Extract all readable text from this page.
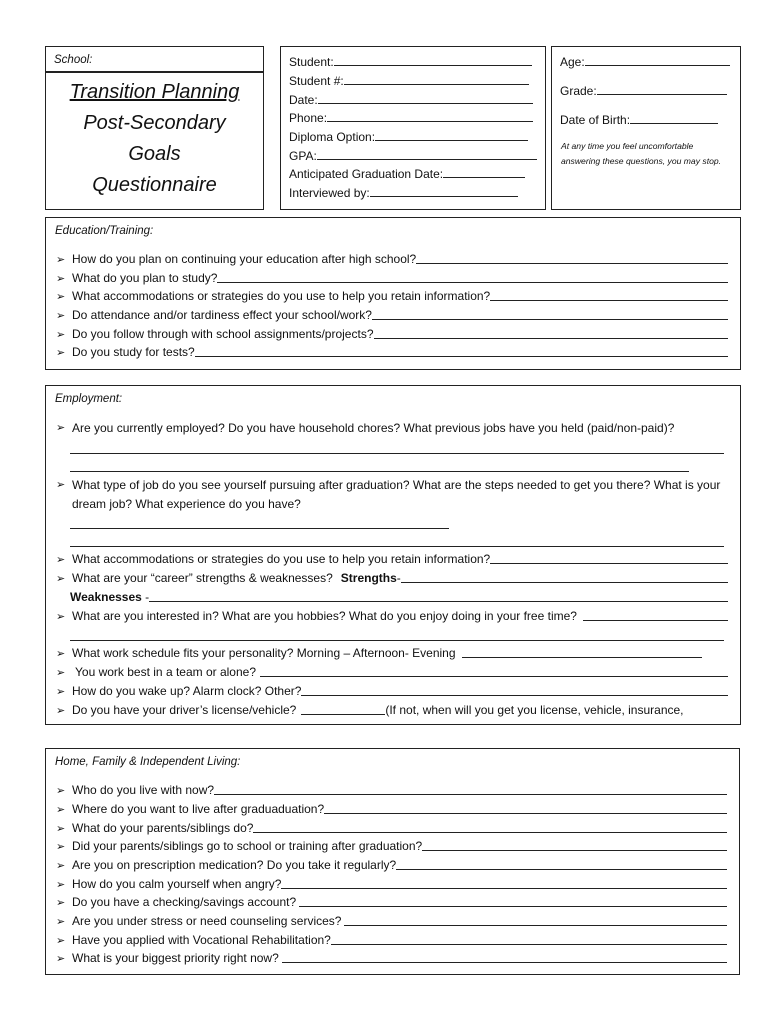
School:
Transition Planning
Post-Secondary
Goals
Questionnaire
Student:
Student #:
Date:
Phone:
Diploma Option:
GPA:
Anticipated Graduation Date:
Interviewed by:
Age:
Grade:
Date of Birth:
At any time you feel uncomfortable answering these questions, you may stop.
Education/Training:
➢ How do you plan on continuing your education after high school?
➢ What do you plan to study?
➢ What accommodations or strategies do you use to help you retain information?
➢ Do attendance and/or tardiness effect your school/work?
➢ Do you follow through with school assignments/projects?
➢ Do you study for tests?
Employment:
➢ Are you currently employed? Do you have household chores? What previous jobs have you held (paid/non-paid)?
➢ What type of job do you see yourself pursuing after graduation? What are the steps needed to get you there? What is your dream job? What experience do you have?
➢ What accommodations or strategies do you use to help you retain information?
➢ What are your “career” strengths & weaknesses? Strengths-
Weaknesses -
➢ What are you interested in? What are you hobbies? What do you enjoy doing in your free time?
➢ What work schedule fits your personality? Morning – Afternoon- Evening
➢ You work best in a team or alone?
➢ How do you wake up? Alarm clock? Other?
➢ Do you have your driver’s license/vehicle?	(If not, when will you get you license, vehicle, insurance,
Home, Family & Independent Living:
➢ Who do you live with now?
➢ Where do you want to live after graduaduation?
➢ What do your parents/siblings do?
➢ Did your parents/siblings go to school or training after graduation?
➢ Are you on prescription medication? Do you take it regularly?
➢ How do you calm yourself when angry?
➢ Do you have a checking/savings account?
➢ Are you under stress or need counseling services?
➢ Have you applied with Vocational Rehabilitation?
➢ What is your biggest priority right now?
